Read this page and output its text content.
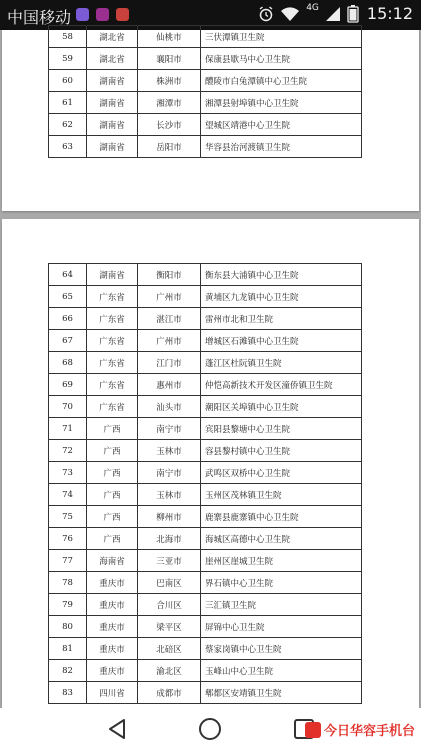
中国移动
4G	15:12
58	湖北省	仙桃市	三伏潭镇卫生院
59	湖北省	襄阳市	保康县歇马中心卫生院
60	湖南省	株洲市	醴陵市白兔潭镇中心卫生院
61	湖南省	湘潭市	湘潭县射埠镇中心卫生院
62	湖南省	长沙市	望城区靖港中心卫生院
63	湖南省	岳阳市	华容县治河渡镇卫生院
64	湖南省	衡阳市	衡东县大浦镇中心卫生院
65	广东省	广州市	黄埔区九龙镇中心卫生院
66	广东省	湛江市	雷州市北和卫生院
67	广东省	广州市	增城区石滩镇中心卫生院
68	广东省	江门市	蓬江区杜阮镇卫生院
69	广东省	惠州市	仲恺高新技术开发区潼侨镇卫生院
70	广东省	汕头市	潮阳区关埠镇中心卫生院
71	广西	南宁市	宾阳县黎塘中心卫生院
72	广西	玉林市	容县黎村镇中心卫生院
73	广西	南宁市	武鸣区双桥中心卫生院
74	广西	玉林市	玉州区茂林镇卫生院
75	广西	柳州市	鹿寨县鹿寨镇中心卫生院
76	广西	北海市	海城区高德中心卫生院
77	海南省	三亚市	崖州区崖城卫生院
78	重庆市	巴南区	界石镇中心卫生院
79	重庆市	合川区	三汇镇卫生院
80	重庆市	梁平区	屏锦中心卫生院
81	重庆市	北碚区	蔡家岗镇中心卫生院
82	重庆市	渝北区	玉峰山中心卫生院
83	四川省	成都市	郫都区安靖镇卫生院
今日华容手机台
